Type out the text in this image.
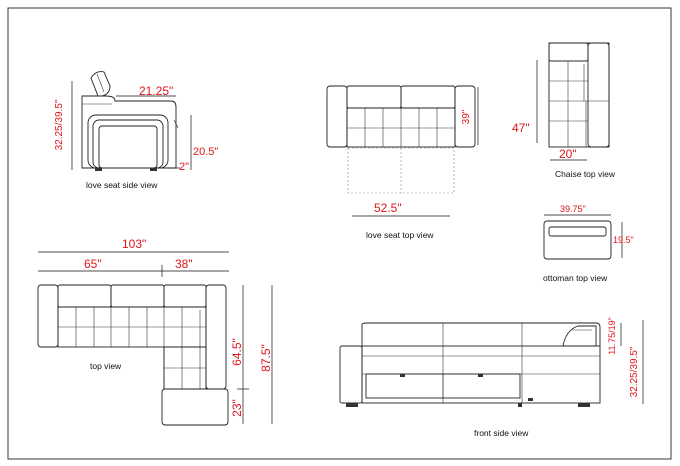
32.25/39.5"
21.25"
20.5"
2"
love seat side view
52.5"
39"
love seat top view
47"
20"
Chaise top view
39.75"
19.5"
ottoman top view
103"
65"	38"
64.5" 87.5"
23"
top view
11.75/19"
32.25/39.5"
front side view
